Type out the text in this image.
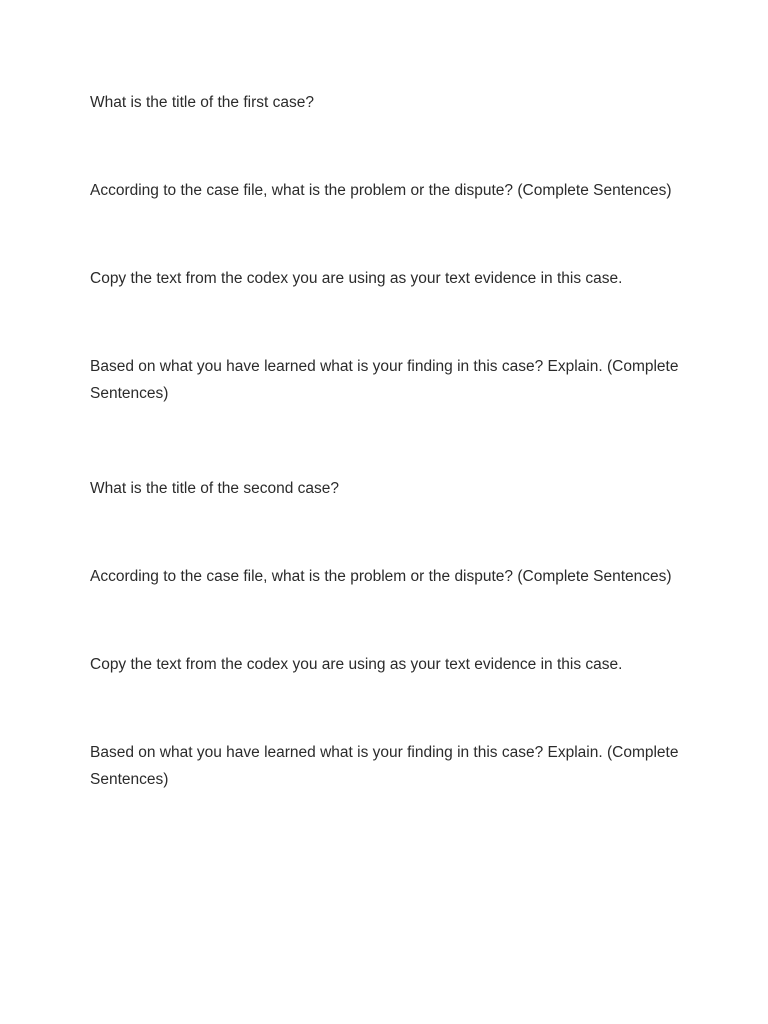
What is the title of the first case?

According to the case file, what is the problem or the dispute? (Complete Sentences)

Copy the text from the codex you are using as your text evidence in this case.

Based on what you have learned what is your finding in this case? Explain. (Complete Sentences)

What is the title of the second case?

According to the case file, what is the problem or the dispute? (Complete Sentences)

Copy the text from the codex you are using as your text evidence in this case.

Based on what you have learned what is your finding in this case? Explain. (Complete Sentences)
